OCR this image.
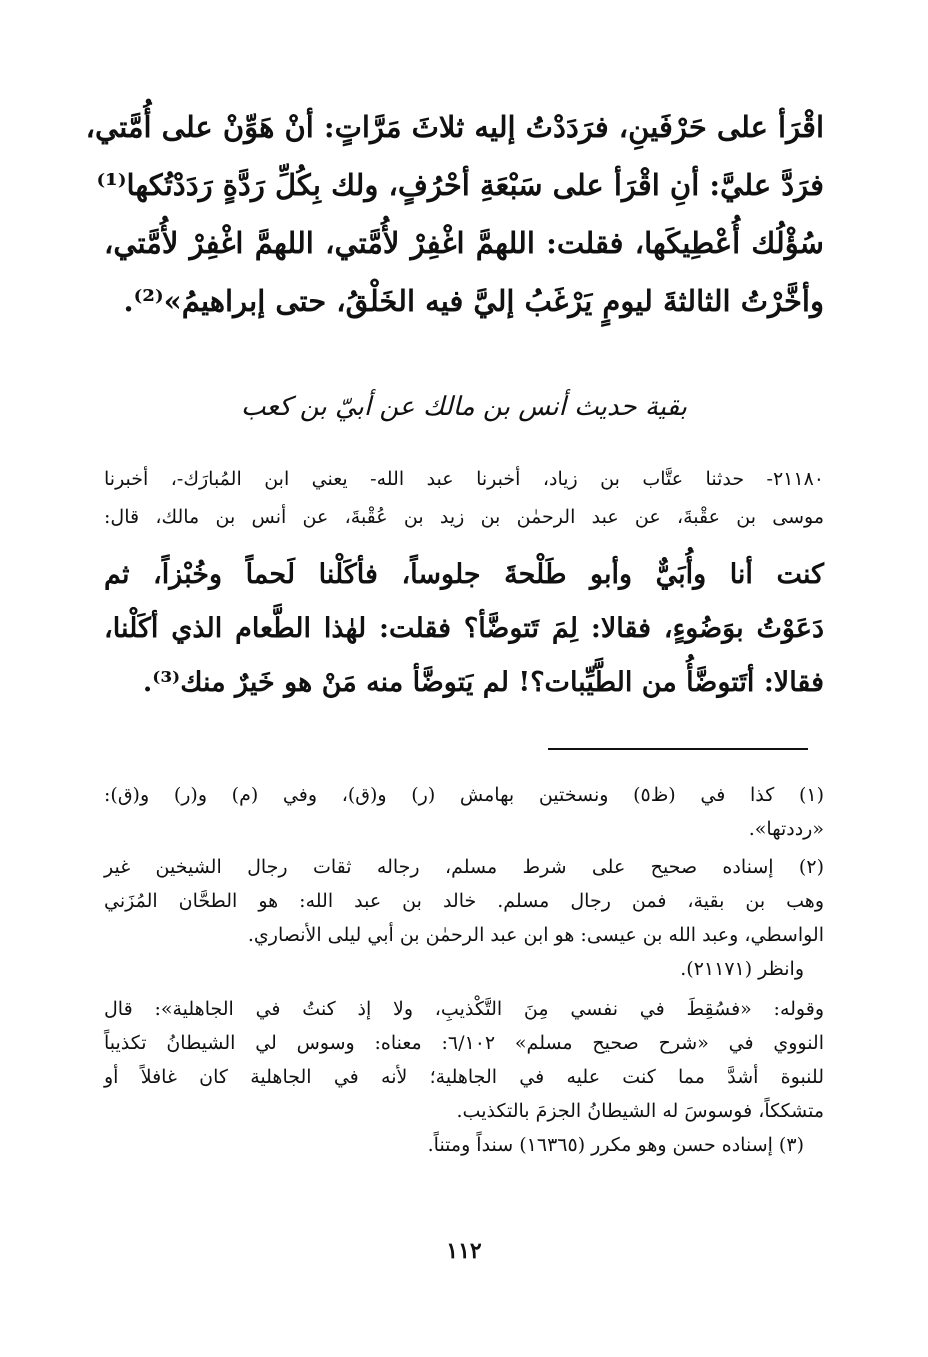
اقْرَأ على حَرْفَينِ، فرَدَدْتُ إليه ثلاثَ مَرَّاتٍ: أنْ هَوِّنْ على أُمَّتي،
فرَدَّ عليَّ: أنِ اقْرَأ على سَبْعَةِ أحْرُفٍ، ولك بِكُلِّ رَدَّةٍ رَدَدْتُكها⁽¹⁾
سُؤْلُك أُعْطِيكَها، فقلت: اللهمَّ اغْفِرْ لأُمَّتي، اللهمَّ اغْفِرْ لأُمَّتي،
وأخَّرْتُ الثالثةَ ليومٍ يَرْغَبُ إليَّ فيه الخَلْقُ، حتى إبراهيمُ»⁽²⁾.
بقية حديث أنس بن مالك عن أبيّ بن كعب
٢١١٨٠- حدثنا عتَّاب بن زياد، أخبرنا عبد الله- يعني ابن المُبارَك-، أخبرنا
موسى بن عقْبةَ، عن عبد الرحمٰن بن زيد بن عُقْبةَ، عن أنس بن مالك، قال:
كنت أنا وأُبَيٌّ وأبو طَلْحةَ جلوساً، فأكَلْنا لَحماً وخُبْزاً، ثم
دَعَوْتُ بوَضُوءٍ، فقالا: لِمَ تَتوضَّأ؟ فقلت: لهٰذا الطَّعام الذي أكَلْنا،
فقالا: أتَتوضَّأُ من الطَّيِّبات؟! لم يَتوضَّأ منه مَنْ هو خَيرٌ منك⁽³⁾.
(١) كذا في (ظ٥) ونسختين بهامش (ر) و(ق)، وفي (م) و(ر) و(ق):
«رددتها».
(٢) إسناده صحيح على شرط مسلم، رجاله ثقات رجال الشيخين غير
وهب بن بقية، فمن رجال مسلم. خالد بن عبد الله: هو الطحَّان المُزَني
الواسطي، وعبد الله بن عيسى: هو ابن عبد الرحمٰن بن أبي ليلى الأنصاري.
وانظر (٢١١٧١).
وقوله: «فسُقِطَ في نفسي مِنَ التَّكْذيبِ، ولا إذ كنتُ في الجاهلية»: قال
النووي في «شرح صحيح مسلم» ٦/١٠٢: معناه: وسوس لي الشيطانُ تكذيباً
للنبوة أشدَّ مما كنت عليه في الجاهلية؛ لأنه في الجاهلية كان غافلاً أو
متشككاً، فوسوسَ له الشيطانُ الجزمَ بالتكذيب.
(٣) إسناده حسن وهو مكرر (١٦٣٦٥) سنداً ومتناً.
١١٢
